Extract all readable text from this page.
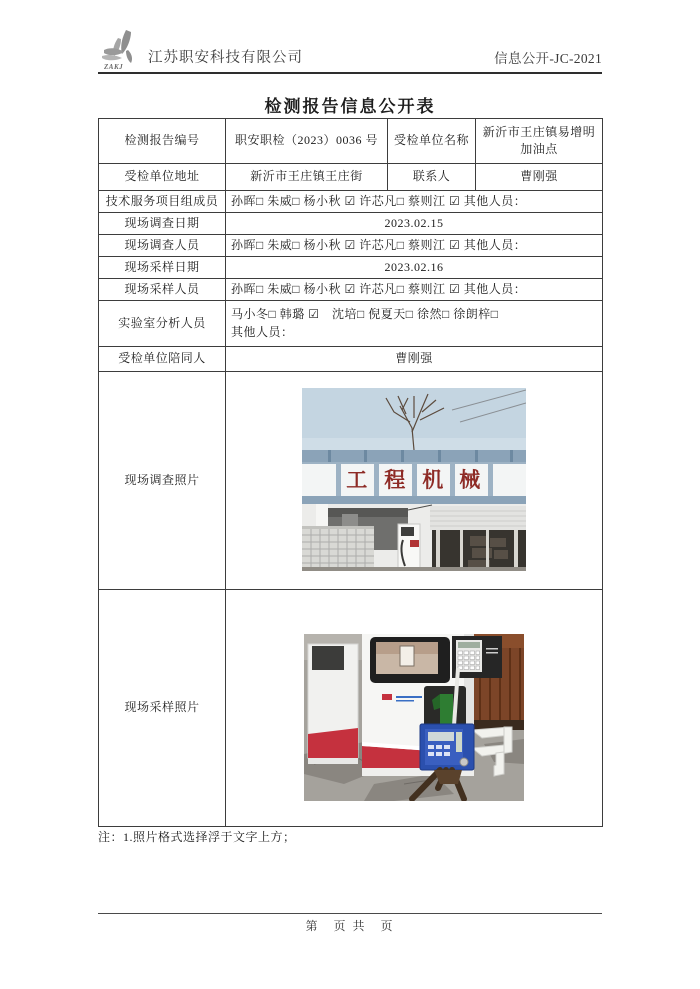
ZAKJ
江苏职安科技有限公司	信息公开-JC-2021
检测报告信息公开表
检测报告编号	职安职检（2023）0036 号	受检单位名称	新沂市王庄镇易增明加油点
受检单位地址	新沂市王庄镇王庄街	联系人	曹刚强
技术服务项目组成员	孙晖□ 朱威□ 杨小秋 ☑ 许芯凡□ 蔡则江 ☑ 其他人员：		
现场调查日期	2023.02.15		
现场调查人员	孙晖□ 朱威□ 杨小秋 ☑ 许芯凡□ 蔡则江 ☑ 其他人员：		
现场采样日期	2023.02.16		
现场采样人员	孙晖□ 朱威□ 杨小秋 ☑ 许芯凡□ 蔡则江 ☑ 其他人员：		
实验室分析人员	马小冬□ 韩璐 ☑　沈培□ 倪夏天□ 徐然□ 徐朗梓□
其他人员：		

受检单位陪同人	曹刚强		
现场调查照片	工 程 机 械		

现场采样照片	
注：1.照片格式选择浮于文字上方；
第　页 共　页
